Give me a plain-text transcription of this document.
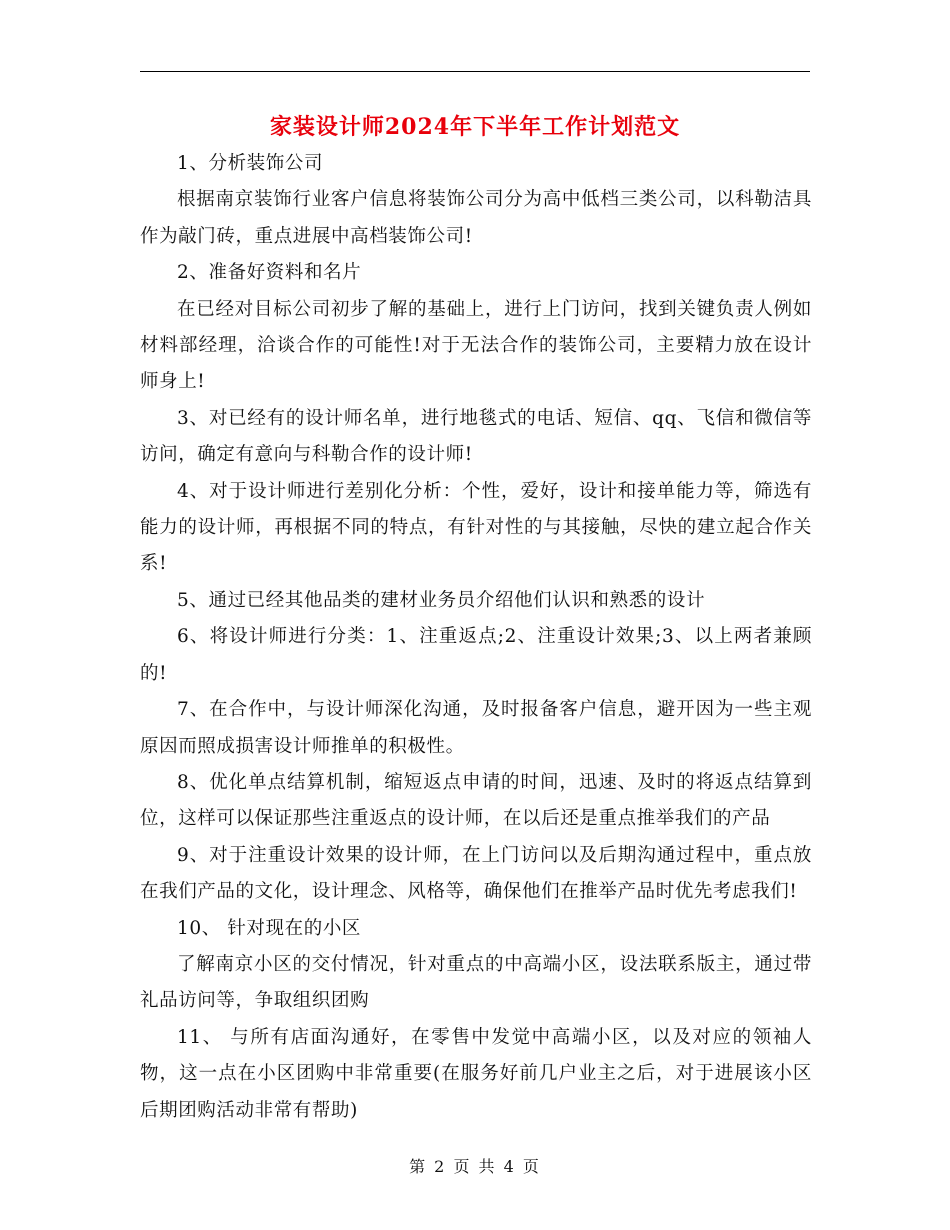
家装设计师2024年下半年工作计划范文

1、分析装饰公司

根据南京装饰行业客户信息将装饰公司分为高中低档三类公司，以科勒洁具作为敲门砖，重点进展中高档装饰公司!

2、准备好资料和名片

在已经对目标公司初步了解的基础上，进行上门访问，找到关键负责人例如材料部经理，洽谈合作的可能性!对于无法合作的装饰公司，主要精力放在设计师身上!

3、对已经有的设计师名单，进行地毯式的电话、短信、qq、飞信和微信等访问，确定有意向与科勒合作的设计师!

4、对于设计师进行差别化分析：个性，爱好，设计和接单能力等，筛选有能力的设计师，再根据不同的特点，有针对性的与其接触，尽快的建立起合作关系!

5、通过已经其他品类的建材业务员介绍他们认识和熟悉的设计

6、将设计师进行分类：1、注重返点;2、注重设计效果;3、以上两者兼顾的!

7、在合作中，与设计师深化沟通，及时报备客户信息，避开因为一些主观原因而照成损害设计师推单的积极性。

8、优化单点结算机制，缩短返点申请的时间，迅速、及时的将返点结算到位，这样可以保证那些注重返点的设计师，在以后还是重点推举我们的产品

9、对于注重设计效果的设计师，在上门访问以及后期沟通过程中，重点放在我们产品的文化，设计理念、风格等，确保他们在推举产品时优先考虑我们!

10、 针对现在的小区

了解南京小区的交付情况，针对重点的中高端小区，设法联系版主，通过带礼品访问等，争取组织团购

11、 与所有店面沟通好，在零售中发觉中高端小区，以及对应的领袖人物，这一点在小区团购中非常重要(在服务好前几户业主之后，对于进展该小区后期团购活动非常有帮助)

第 2 页 共 4 页
